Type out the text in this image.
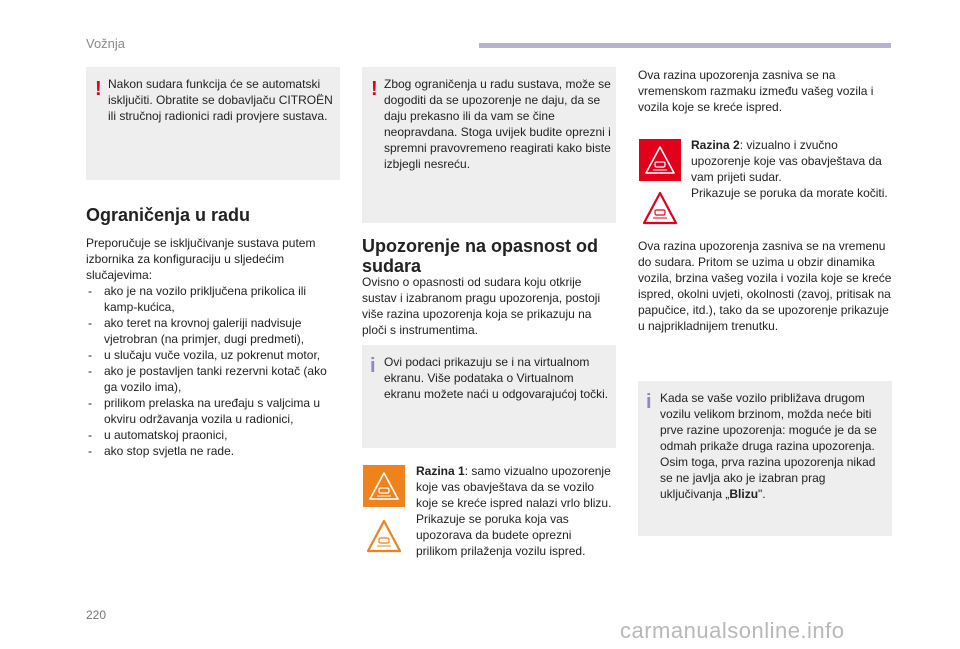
Vožnja
! Nakon sudara funkcija će se automatski isključiti. Obratite se dobavljaču CITROËN ili stručnoj radionici radi provjere sustava.

Ograničenja u radu

Preporučuje se isključivanje sustava putem izbornika za konfiguraciju u sljedećim slučajevima:

- ako je na vozilo priključena prikolica ili kamp-kućica,
- ako teret na krovnoj galeriji nadvisuje vjetrobran (na primjer, dugi predmeti),
- u slučaju vuče vozila, uz pokrenut motor,
- ako je postavljen tanki rezervni kotač (ako ga vozilo ima),
- prilikom prelaska na uređaju s valjcima u okviru održavanja vozila u radionici,
- u automatskoj praonici,
- ako stop svjetla ne rade.
! Zbog ograničenja u radu sustava, može se dogoditi da se upozorenje ne daju, da se daju prekasno ili da vam se čine neopravdana. Stoga uvijek budite oprezni i spremni pravovremeno reagirati kako biste izbjegli nesreću.

Upozorenje na opasnost od sudara

Ovisno o opasnosti od sudara koju otkrije sustav i izabranom pragu upozorenja, postoji više razina upozorenja koja se prikazuju na ploči s instrumentima.

i Ovi podaci prikazuju se i na virtualnom ekranu. Više podataka o Virtualnom ekranu možete naći u odgovarajućoj točki.

Razina 1: samo vizualno upozorenje koje vas obavještava da se vozilo koje se kreće ispred nalazi vrlo blizu.

Prikazuje se poruka koja vas upozorava da budete oprezni prilikom prilaženja vozilu ispred.

Ova razina upozorenja zasniva se na vremenskom razmaku između vašeg vozila i vozila koje se kreće ispred.

Razina 2: vizualno i zvučno upozorenje koje vas obavještava da vam prijeti sudar.

Prikazuje se poruka da morate kočiti.

Ova razina upozorenja zasniva se na vremenu do sudara. Pritom se uzima u obzir dinamika vozila, brzina vašeg vozila i vozila koje se kreće ispred, okolni uvjeti, okolnosti (zavoj, pritisak na papučice, itd.), tako da se upozorenje prikazuje u najprikladnijem trenutku.

i Kada se vaše vozilo približava drugom vozilu velikom brzinom, možda neće biti prve razine upozorenja: moguće je da se odmah prikaže druga razina upozorenja. Osim toga, prva razina upozorenja nikad se ne javlja ako je izabran prag uključivanja „Blizu".

220
carmanualsonline.info
